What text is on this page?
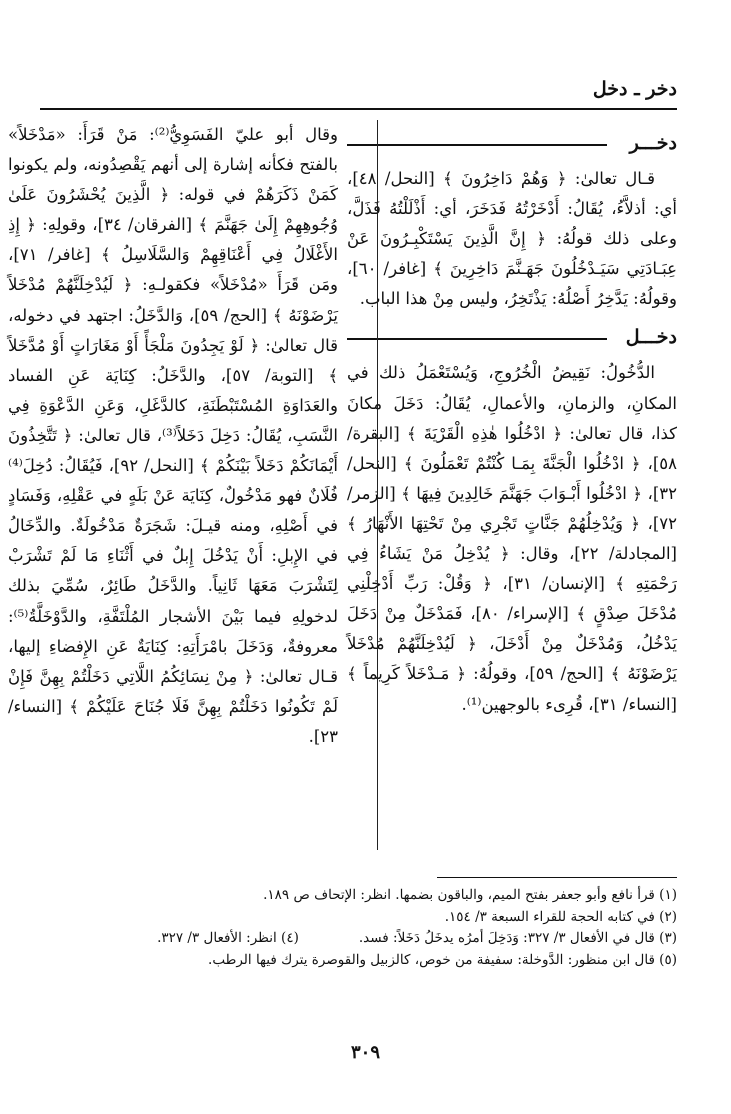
دخر ـ دخل
دخـــر

قـال تعالىٰ: ﴿ وَهُمْ دَاخِرُونَ ﴾ [النحل/ ٤٨]، أي: أذلاَّءُ، يُقَالُ: أَدْخَرْتُهُ فَدَخَرَ، أي: أَذْلَلْتُهُ فَذَلَّ، وعلى ذلك قولُهُ: ﴿ إِنَّ الَّذِينَ يَسْتَكْبِـرُونَ عَنْ عِبَـادَتِي سَيَـدْخُلُونَ جَهَـنَّمَ دَاخِرِينَ ﴾ [غافر/ ٦٠]، وقولُهُ: يَدَّخِرُ أَصْلُهُ: يَذْتَخِرُ، وليس مِنْ هذا الباب.

دخـــل

الدُّخُولُ: نَقِيضُ الْخُرُوجِ، وَيُسْتَعْمَلُ ذلك في المكانِ، والزمانِ، والأعمالِ، يُقَالُ: دَخَلَ مكانَ كذا، قال تعالىٰ: ﴿ ادْخُلُوا هٰذِهِ الْقَرْيَةَ ﴾ [البقرة/ ٥٨]، ﴿ ادْخُلُوا الْجَنَّةَ بِمَـا كُنْتُمْ تَعْمَلُونَ ﴾ [النحل/ ٣٢]، ﴿ ادْخُلُوا أَبْـوَابَ جَهَنَّمَ خَالِدِينَ فِيهَا ﴾ [الزمر/ ٧٢]، ﴿ وَيُدْخِلُهُمْ جَنَّاتٍ تَجْرِي مِنْ تَحْتِهَا الأَنْهَارُ ﴾ [المجادلة/ ٢٢]، وقال: ﴿ يُدْخِلُ مَنْ يَشَاءُ فِي رَحْمَتِهِ ﴾ [الإنسان/ ٣١]، ﴿ وَقُلْ: رَبِّ أَدْخِلْنِي مُدْخَلَ صِدْقٍ ﴾ [الإسراء/ ٨٠]، فَمَدْخَلٌ مِنْ دَخَلَ يَدْخُلُ، وَمُدْخَلٌ مِنْ أَدْخَلَ، ﴿ لَيُدْخِلَنَّهُمْ مُدْخَلاً يَرْضَوْنَهُ ﴾ [الحج/ ٥٩]، وقولُهُ: ﴿ مَـدْخَلاً كَرِيماً ﴾ [النساء/ ٣١]، قُرِىء بالوجهين⁽¹⁾.

وقال أبو عليّ الفَسَوِيُّ⁽²⁾: مَنْ قَرَأَ: «مَدْخَلاً» بالفتح فكأنه إشارة إلى أنهم يَقْصِدُونه، ولم يكونوا كَمَنْ ذَكَرَهُمْ في قوله: ﴿ الَّذِينَ يُحْشَرُونَ عَلَىٰ وُجُوهِهِمْ إِلَىٰ جَهَنَّمَ ﴾ [الفرقان/ ٣٤]، وقولِهِ: ﴿ إِذِ الأَغْلَالُ فِي أَعْنَاقِهِمْ وَالسَّلَاسِلُ ﴾ [غافر/ ٧١]، ومَن قَرَأَ «مُدْخَلاً» فكقولـهِ: ﴿ لَيُدْخِلَنَّهُمْ مُدْخَلاً يَرْضَوْنَهُ ﴾ [الحج/ ٥٩]، وَالدَّخَلُ: اجتهد في دخوله، قال تعالىٰ: ﴿ لَوْ يَجِدُونَ مَلْجَأً أَوْ مَغَارَاتٍ أَوْ مُدَّخَلاً ﴾ [التوبة/ ٥٧]، والدَّخَلُ: كِنَايَة عَنِ الفساد والعَدَاوَةِ المُسْتَبْطَنَةِ، كالدَّغَلِ، وَعَنِ الدَّعْوَةِ فِي النَّسَبِ، يُقَالُ: دَخِلَ دَخَلاً⁽³⁾، قال تعالىٰ: ﴿ تَتَّخِذُونَ أَيْمَانَكُمْ دَخَلاً بَيْنَكُمْ ﴾ [النحل/ ٩٢]، فَيُقَالُ: دُخِلَ⁽⁴⁾ فُلَانٌ فهو مَدْخُولٌ، كِنَايَة عَنْ بَلَهٍ في عَقْلِهِ، وَفَسَادٍ في أَصْلِهِ، ومنه قيـلَ: شَجَرَةٌ مَدْخُولَةٌ. والدِّخَالُ في الإِبلِ: أَنْ يَدْخُلَ إِبلٌ في أَثْنَاءِ مَا لَمْ تَشْرَبْ لِتَشْرَبَ مَعَهَا ثَانِياً. والدَّخَلُ طَائِرٌ، سُمِّيَ بذلك لدخولِهِ فيما بَيْنَ الأشجار المُلْتَفَّةِ، والدَّوْخَلَّةُ⁽⁵⁾: معروفةٌ، وَدَخَلَ بامْرَأَتِهِ: كِنَايَةٌ عَنِ الإِفضاءِ إليها، قـال تعالىٰ: ﴿ مِنْ نِسَائِكُمُ اللَّاتِي دَخَلْتُمْ بِهِنَّ فَإِنْ لَمْ تَكُونُوا دَخَلْتُمْ بِهِنَّ فَلَا جُنَاحَ عَلَيْكُمْ ﴾ [النساء/ ٢٣].

(١) قرأ نافع وأبو جعفر بفتح الميم، والباقون بضمها. انظر: الإتحاف ص ١٨٩.
(٢) في كتابه الحجة للقراء السبعة ٣/ ١٥٤.
(٣) قال في الأفعال ٣/ ٣٢٧: وَدَخِلَ أمرُه يدخَلُ دَخَلاً: فسد.(٤) انظر: الأفعال ٣/ ٣٢٧.
(٥) قال ابن منظور: الدَّوخلة: سفيفة من خوص، كالزبيل والقوصرة يترك فيها الرطب.
٣٠٩
